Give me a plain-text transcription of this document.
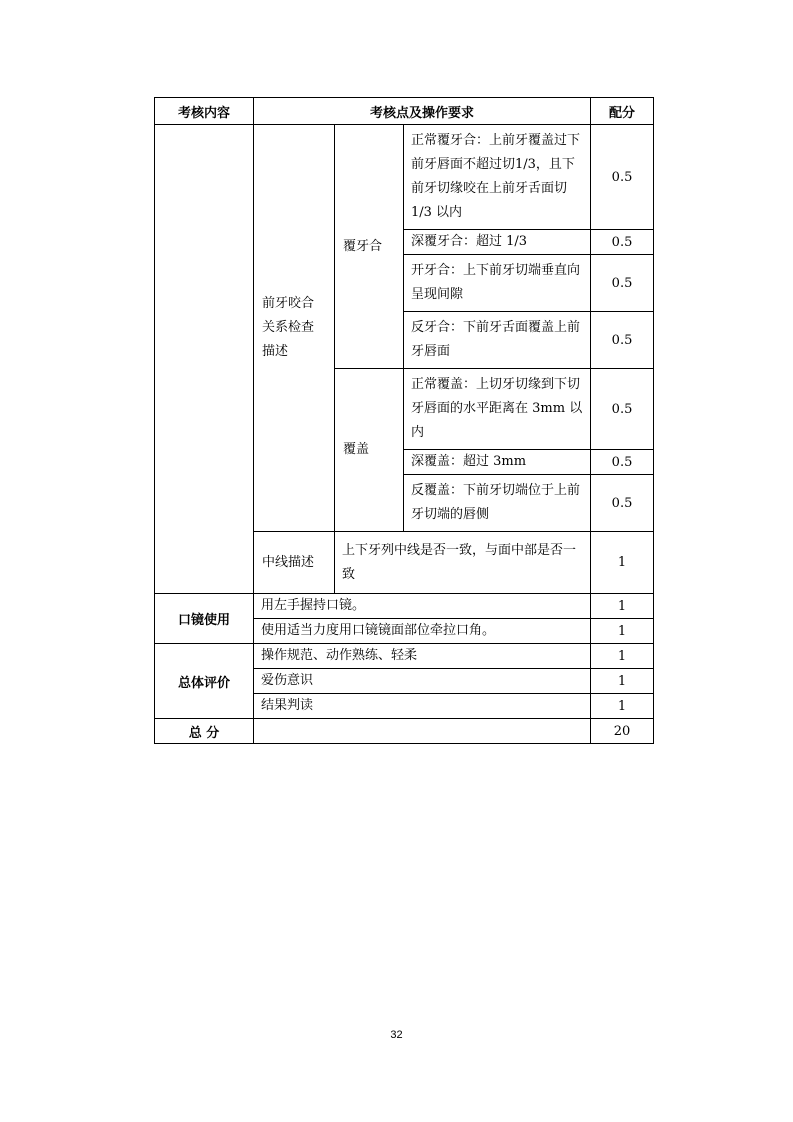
考核内容	考核点及操作要求			配分
	前牙咬合关系检查描述	覆牙合	正常覆牙合：上前牙覆盖过下前牙唇面不超过切1/3，且下前牙切缘咬在上前牙舌面切 1/3 以内	0.5
			深覆牙合：超过 1/3	0.5
			开牙合：上下前牙切端垂直向呈现间隙	0.5
			反牙合：下前牙舌面覆盖上前牙唇面	0.5
		覆盖	正常覆盖：上切牙切缘到下切牙唇面的水平距离在 3mm 以内	0.5
			深覆盖：超过 3mm	0.5
			反覆盖：下前牙切端位于上前牙切端的唇侧	0.5

	中线描述	上下牙列中线是否一致，与面中部是否一致		1
口镜使用	用左手握持口镜。			1
	使用适当力度用口镜镜面部位牵拉口角。			1
总体评价	操作规范、动作熟练、轻柔			1
	爱伤意识			1
	结果判读			1
总 分				20
32
